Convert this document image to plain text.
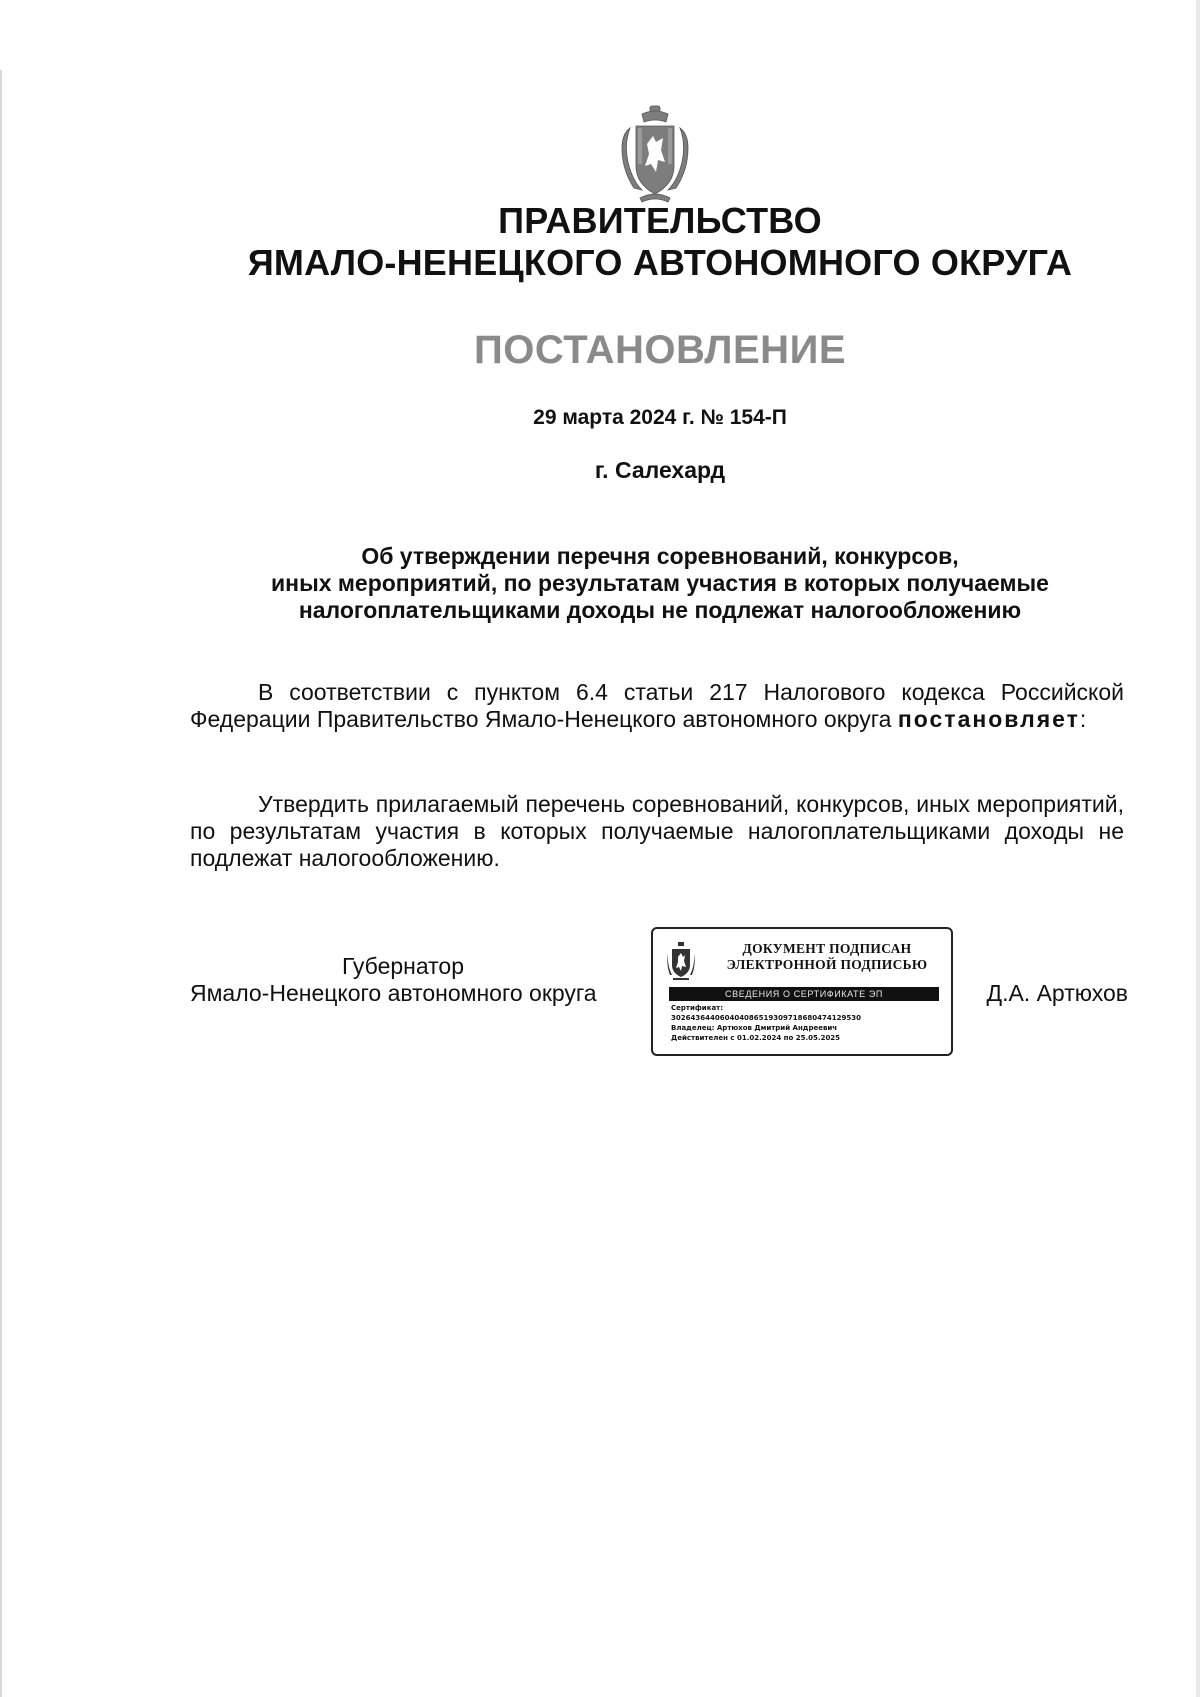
ПРАВИТЕЛЬСТВО
ЯМАЛО-НЕНЕЦКОГО АВТОНОМНОГО ОКРУГА
ПОСТАНОВЛЕНИЕ
29 марта 2024 г. № 154-П
г. Салехард
Об утверждении перечня соревнований, конкурсов,
иных мероприятий, по результатам участия в которых получаемые
налогоплательщиками доходы не подлежат налогообложению
В соответствии с пунктом 6.4 статьи 217 Налогового кодекса Российской Федерации Правительство Ямало-Ненецкого автономного округа постановляет:
Утвердить прилагаемый перечень соревнований, конкурсов, иных мероприятий, по результатам участия в которых получаемые налогоплательщиками доходы не подлежат налогообложению.
Губернатор
Ямало-Ненецкого автономного округа
ДОКУМЕНТ ПОДПИСАН
ЭЛЕКТРОННОЙ ПОДПИСЬЮ
СВЕДЕНИЯ О СЕРТИФИКАТЕ ЭП
Сертификат:
302643644060404086519309718680474129530
Владелец: Артюхов Дмитрий Андреевич
Действителен с 01.02.2024 по 25.05.2025
Д.А. Артюхов
